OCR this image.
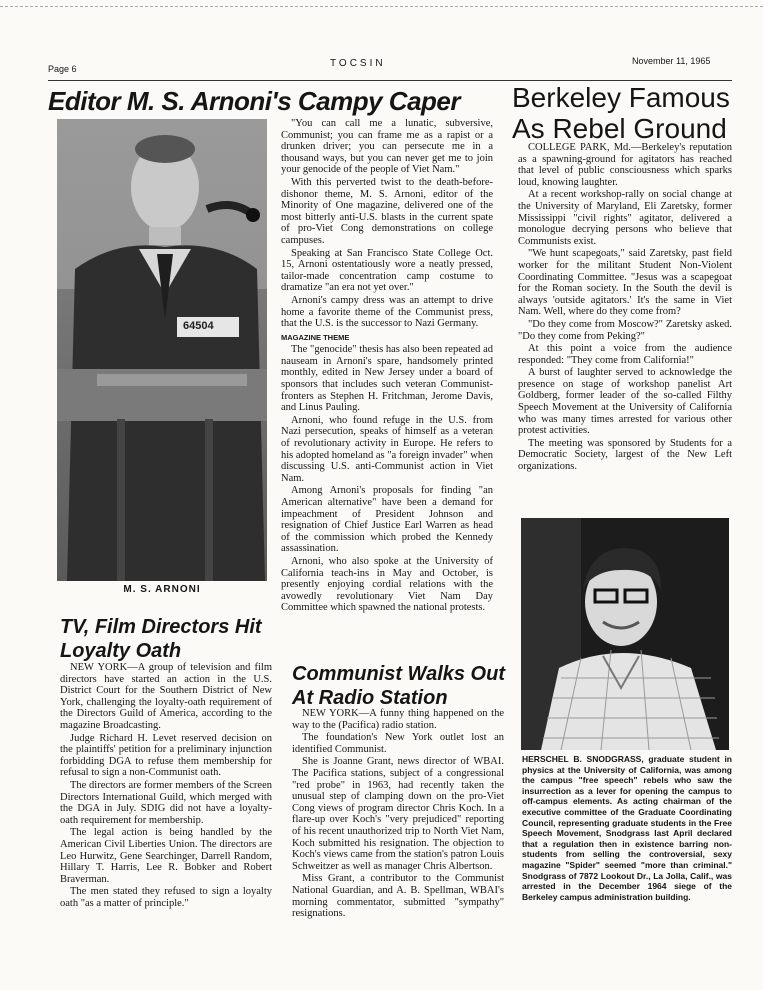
Page 6	TOCSIN	November 11, 1965
Editor M. S. Arnoni's Campy Caper
64504
M. S. ARNONI

"You can call me a lunatic, subversive, Communist; you can frame me as a rapist or a drunken driver; you can persecute me in a thousand ways, but you can never get me to join your genocide of the people of Viet Nam."

With this perverted twist to the death-before-dishonor theme, M. S. Arnoni, editor of the Minority of One magazine, delivered one of the most bitterly anti-U.S. blasts in the current spate of pro-Viet Cong demonstrations on college campuses.

Speaking at San Francisco State College Oct. 15, Arnoni ostentatiously wore a neatly pressed, tailor-made concentration camp costume to dramatize "an era not yet over."

Arnoni's campy dress was an attempt to drive home a favorite theme of the Communist press, that the U.S. is the successor to Nazi Germany.

MAGAZINE THEME

The "genocide" thesis has also been repeated ad nauseam in Arnoni's spare, handsomely printed monthly, edited in New Jersey under a board of sponsors that includes such veteran Communist-fronters as Stephen H. Fritchman, Jerome Davis, and Linus Pauling.

Arnoni, who found refuge in the U.S. from Nazi persecution, speaks of himself as a veteran of revolutionary activity in Europe. He refers to his adopted homeland as "a foreign invader" when discussing U.S. anti-Communist action in Viet Nam.

Among Arnoni's proposals for finding "an American alternative" have been a demand for impeachment of President Johnson and resignation of Chief Justice Earl Warren as head of the commission which probed the Kennedy assassination.

Arnoni, who also spoke at the University of California teach-ins in May and October, is presently enjoying cordial relations with the avowedly revolutionary Viet Nam Day Committee which spawned the national protests.

TV, Film Directors Hit Loyalty Oath

NEW YORK—A group of television and film directors have started an action in the U.S. District Court for the Southern District of New York, challenging the loyalty-oath requirement of the Directors Guild of America, according to the magazine Broadcasting.

Judge Richard H. Levet reserved decision on the plaintiffs' petition for a preliminary injunction forbidding DGA to refuse them membership for refusal to sign a non-Communist oath.

The directors are former members of the Screen Directors International Guild, which merged with the DGA in July. SDIG did not have a loyalty-oath requirement for membership.

The legal action is being handled by the American Civil Liberties Union. The directors are Leo Hurwitz, Gene Searchinger, Darrell Random, Hillary T. Harris, Lee R. Bobker and Robert Braverman.

The men stated they refused to sign a loyalty oath "as a matter of principle."

Communist Walks Out At Radio Station

NEW YORK—A funny thing happened on the way to the (Pacifica) radio station.

The foundation's New York outlet lost an identified Communist.

She is Joanne Grant, news director of WBAI. The Pacifica stations, subject of a congressional "red probe" in 1963, had recently taken the unusual step of clamping down on the pro-Viet Cong views of program director Chris Koch. In a flare-up over Koch's "very prejudiced" reporting of his recent unauthorized trip to North Viet Nam, Koch submitted his resignation. The objection to Koch's views came from the station's patron Louis Schweitzer as well as manager Chris Albertson.

Miss Grant, a contributor to the Communist National Guardian, and A. B. Spellman, WBAI's morning commentator, submitted "sympathy" resignations.

Berkeley Famous As Rebel Ground

COLLEGE PARK, Md.—Berkeley's reputation as a spawning-ground for agitators has reached that level of public consciousness which sparks loud, knowing laughter.

At a recent workshop-rally on social change at the University of Maryland, Eli Zaretsky, former Mississippi "civil rights" agitator, delivered a monologue decrying persons who believe that Communists exist.

"We hunt scapegoats," said Zaretsky, past field worker for the militant Student Non-Violent Coordinating Committee. "Jesus was a scapegoat for the Roman society. In the South the devil is always 'outside agitators.' It's the same in Viet Nam. Well, where do they come from?

"Do they come from Moscow?" Zaretsky asked. "Do they come from Peking?"

At this point a voice from the audience responded: "They come from California!"

A burst of laughter served to acknowledge the presence on stage of workshop panelist Art Goldberg, former leader of the so-called Filthy Speech Movement at the University of California who was many times arrested for various other protest activities.

The meeting was sponsored by Students for a Democratic Society, largest of the New Left organizations.

HERSCHEL B. SNODGRASS, graduate student in physics at the University of California, was among the campus "free speech" rebels who saw the insurrection as a lever for opening the campus to off-campus elements. As acting chairman of the executive committee of the Graduate Coordinating Council, representing graduate students in the Free Speech Movement, Snodgrass last April declared that a regulation then in existence barring non-students from selling the controversial, sexy magazine "Spider" seemed "more than criminal." Snodgrass of 7872 Lookout Dr., La Jolla, Calif., was arrested in the December 1964 siege of the Berkeley campus administration building.
